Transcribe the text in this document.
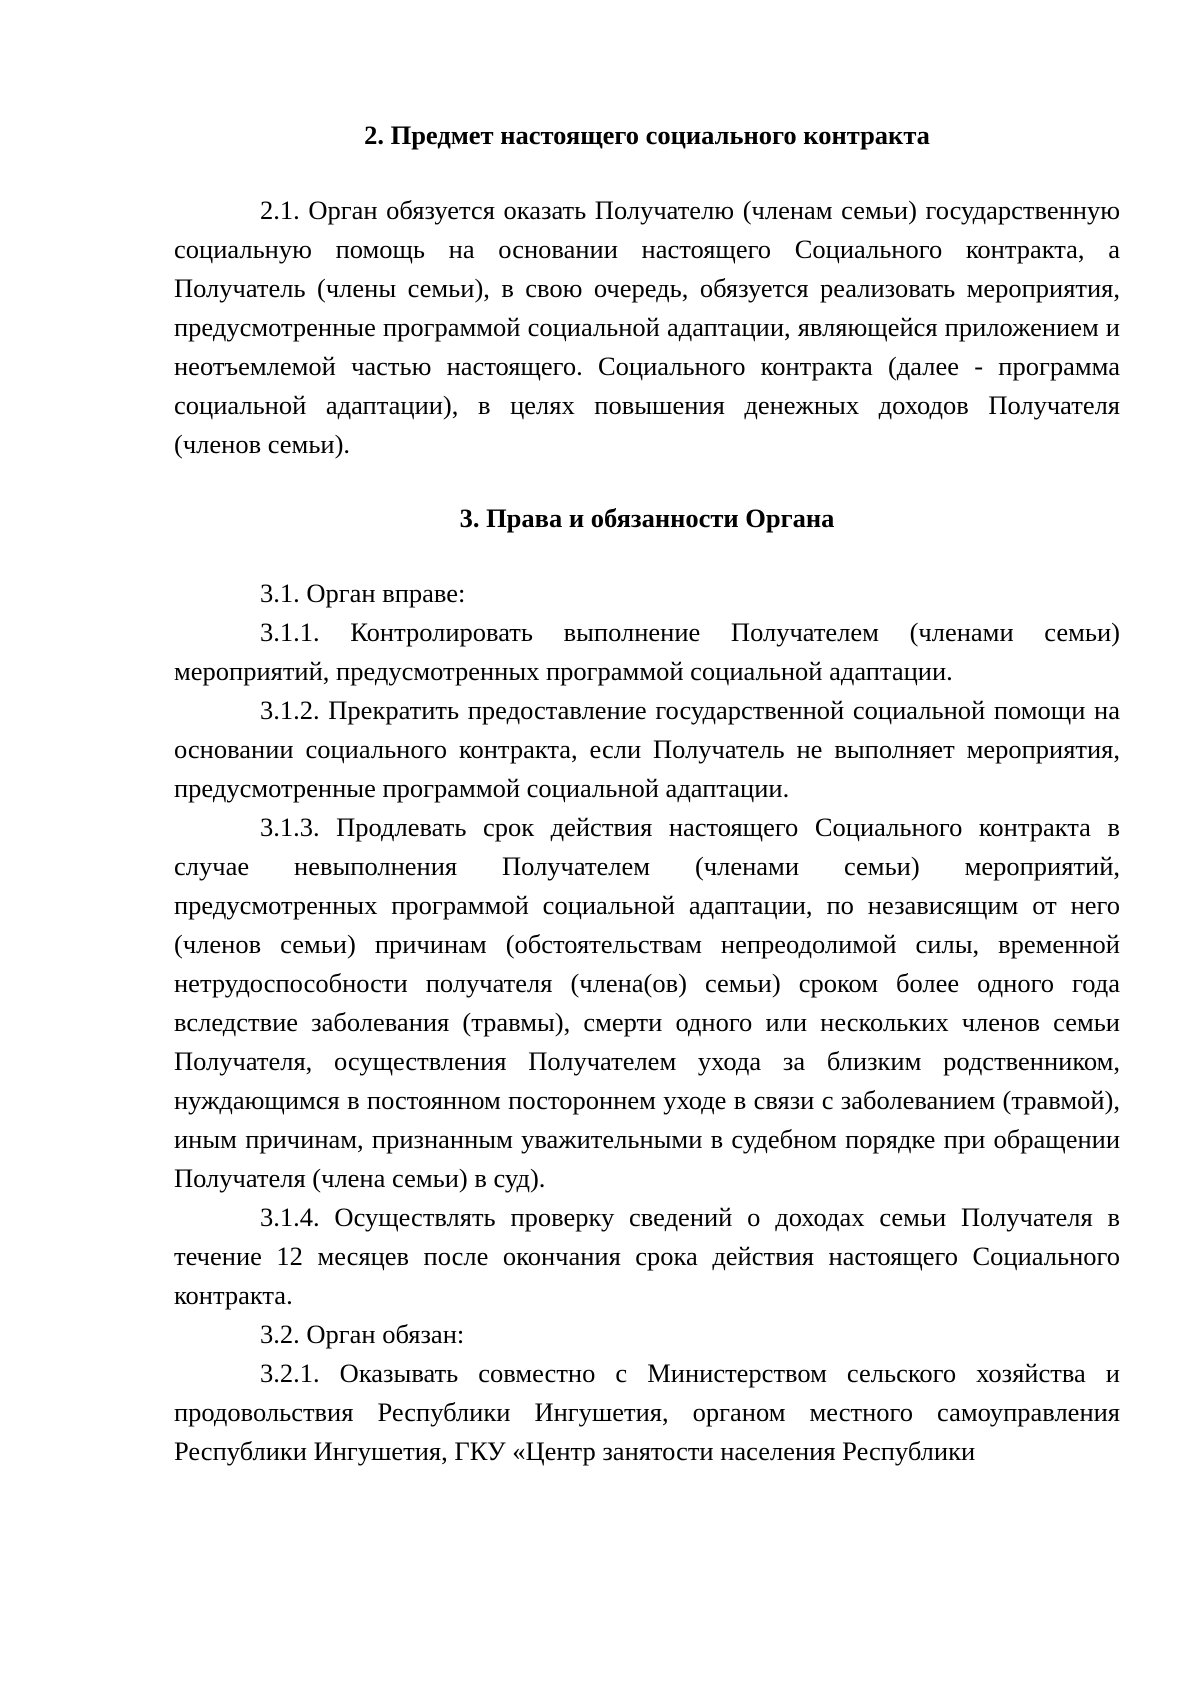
2. Предмет настоящего социального контракта

2.1. Орган обязуется оказать Получателю (членам семьи) государственную социальную помощь на основании настоящего Социального контракта, а Получатель (члены семьи), в свою очередь, обязуется реализовать мероприятия, предусмотренные программой социальной адаптации, являющейся приложением и неотъемлемой частью настоящего. Социального контракта (далее - программа социальной адаптации), в целях повышения денежных доходов Получателя (членов семьи).

3. Права и обязанности Органа

3.1. Орган вправе:

3.1.1. Контролировать выполнение Получателем (членами семьи) мероприятий, предусмотренных программой социальной адаптации.

3.1.2. Прекратить предоставление государственной социальной помощи на основании социального контракта, если Получатель не выполняет мероприятия, предусмотренные программой социальной адаптации.

3.1.3. Продлевать срок действия настоящего Социального контракта в случае невыполнения Получателем (членами семьи) мероприятий, предусмотренных программой социальной адаптации, по независящим от него (членов семьи) причинам (обстоятельствам непреодолимой силы, временной нетрудоспособности получателя (члена(ов) семьи) сроком более одного года вследствие заболевания (травмы), смерти одного или нескольких членов семьи Получателя, осуществления Получателем ухода за близким родственником, нуждающимся в постоянном постороннем уходе в связи с заболеванием (травмой), иным причинам, признанным уважительными в судебном порядке при обращении Получателя (члена семьи) в суд).

3.1.4. Осуществлять проверку сведений о доходах семьи Получателя в течение 12 месяцев после окончания срока действия настоящего Социального контракта.

3.2. Орган обязан:

3.2.1. Оказывать совместно с Министерством сельского хозяйства и продовольствия Республики Ингушетия, органом местного самоуправления Республики Ингушетия, ГКУ «Центр занятости населения Республики
